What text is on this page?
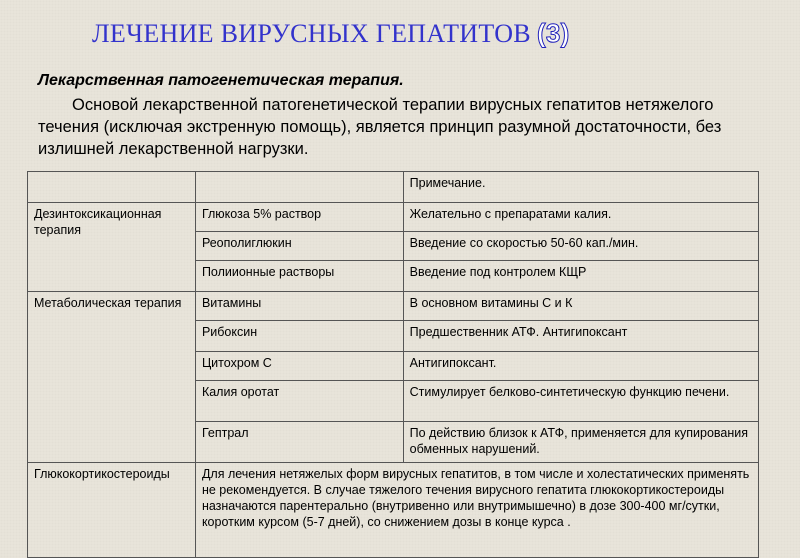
ЛЕЧЕНИЕ ВИРУСНЫХ ГЕПАТИТОВ (3)
Лекарственная патогенетическая терапия.
Основой лекарственной патогенетической терапии вирусных гепатитов нетяжелого течения (исключая экстренную помощь), является принцип разумной достаточности, без излишней лекарственной нагрузки.
		Примечание.
Дезинтоксикационная терапия	Глюкоза 5% раствор	Желательно с препаратами калия.
	Реополиглюкин	Введение со скоростью 50-60 кап./мин.
	Полиионные растворы	Введение под контролем КЩР
Метаболическая терапия	Витамины	В основном витамины С и К
	Рибоксин	Предшественник АТФ. Антигипоксант
	Цитохром С	Антигипоксант.
	Калия оротат	Стимулирует белково-синтетическую функцию печени.
	Гептрал	По действию близок к АТФ, применяется для купирования обменных нарушений.
Глюкокортикостероиды	Для лечения нетяжелых форм вирусных гепатитов, в том числе и холестатических применять не рекомендуется. В случае тяжелого течения вирусного гепатита глюкокортикостероиды назначаются парентерально (внутривенно или внутримышечно) в дозе 300-400 мг/сутки, коротким курсом (5-7 дней), со снижением дозы в конце курса .	
